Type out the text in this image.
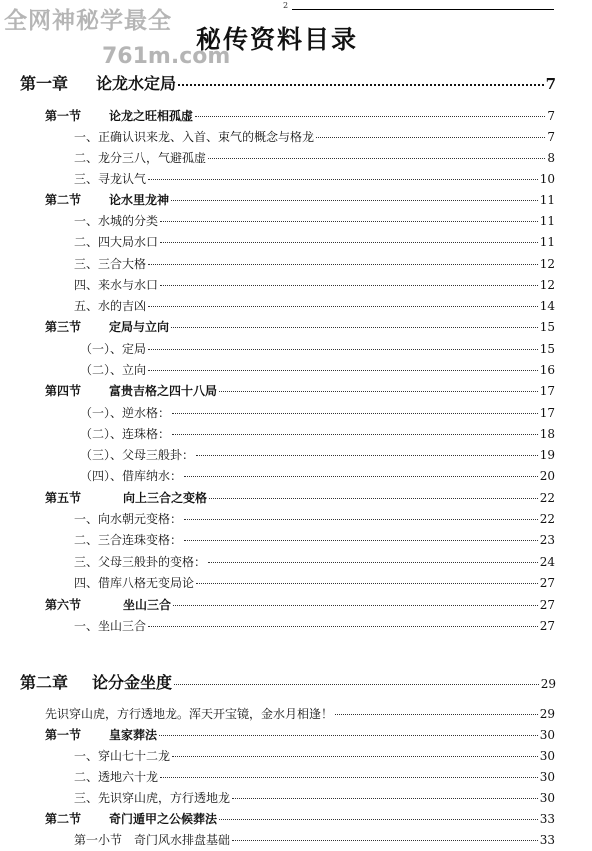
全网神秘学最全
761m.com
2
秘传资料目录
第一章 论龙水定局	7
第一节 论龙之旺相孤虚	7
一、正确认识来龙、入首、束气的概念与格龙	7
二、龙分三八，气避孤虚	8
三、寻龙认气	10
第二节 论水里龙神	11
一、水城的分类	11
二、四大局水口	11
三、三合大格	12
四、来水与水口	12
五、水的吉凶	14
第三节 定局与立向	15
（一）、定局	15
（二）、立向	16
第四节 富贵吉格之四十八局	17
（一）、逆水格：	17
（二）、连珠格：	18
（三）、父母三般卦：	19
（四）、借库纳水：	20
第五节	向上三合之变格	22
一、向水朝元变格：	22
二、三合连珠变格：	23
三、父母三般卦的变格：	24
四、借库八格无变局论	27
第六节	坐山三合	27
一、坐山三合	27
第二章 论分金坐度	29
先识穿山虎，方行透地龙。浑天开宝镜，金水月相逢！	29
第一节 皇家葬法	30
一、穿山七十二龙	30
二、透地六十龙	30
三、先识穿山虎，方行透地龙	30
第二节 奇门遁甲之公候葬法	33
第一小节　奇门风水排盘基础	33
